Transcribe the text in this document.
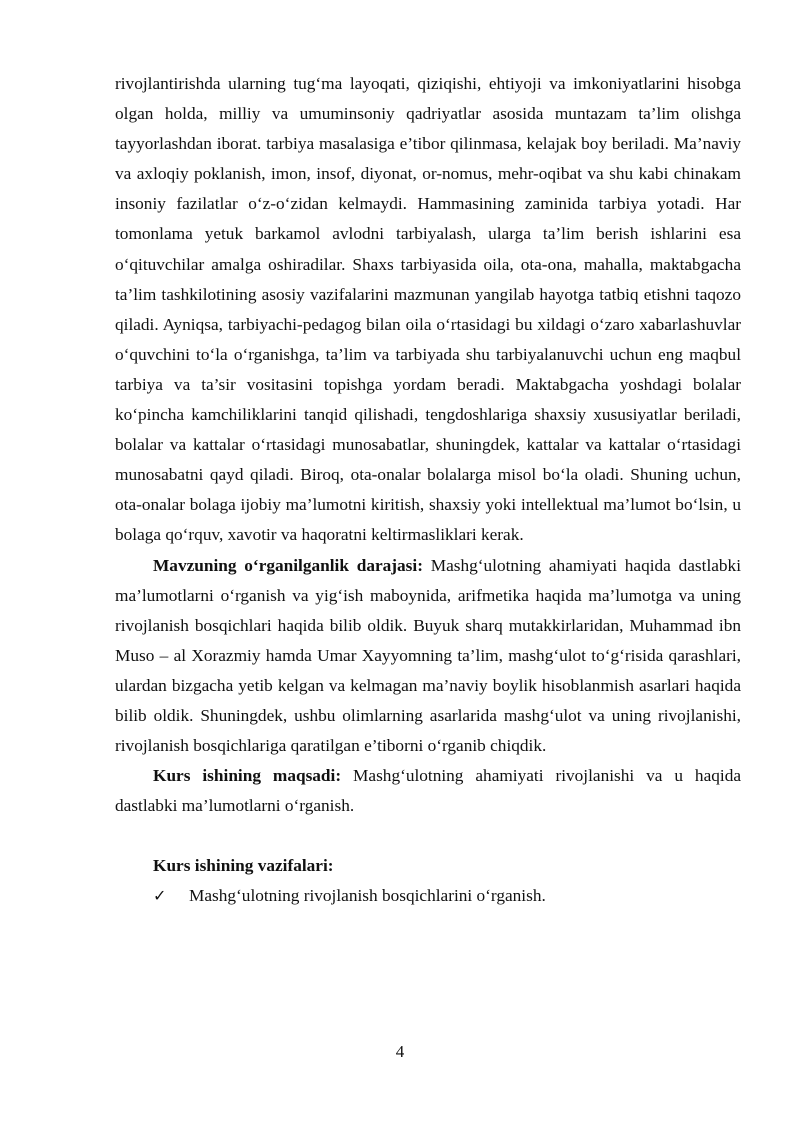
rivojlantirishda ularning tug‘ma layoqati, qiziqishi, ehtiyoji va imkoniyatlarini hisobga olgan holda, milliy va umuminsoniy qadriyatlar asosida muntazam ta’lim olishga tayyorlashdan iborat. tarbiya masalasiga e’tibor qilinmasa, kelajak boy beriladi. Ma’naviy va axloqiy poklanish, imon, insof, diyonat, or-nomus, mehr-oqibat va shu kabi chinakam insoniy fazilatlar o‘z-o‘zidan kelmaydi. Hammasining zaminida tarbiya yotadi. Har tomonlama yetuk barkamol avlodni tarbiyalash, ularga ta’lim berish ishlarini esa o‘qituvchilar amalga oshiradilar. Shaxs tarbiyasida oila, ota-ona, mahalla, maktabgacha ta’lim tashkilotining asosiy vazifalarini mazmunan yangilab hayotga tatbiq etishni taqozo qiladi. Ayniqsa, tarbiyachi-pedagog bilan oila o‘rtasidagi bu xildagi o‘zaro xabarlashuvlar o‘quvchini to‘la o‘rganishga, ta’lim va tarbiyada shu tarbiyalanuvchi uchun eng maqbul tarbiya va ta’sir vositasini topishga yordam beradi. Maktabgacha yoshdagi bolalar ko‘pincha kamchiliklarini tanqid qilishadi, tengdoshlariga shaxsiy xususiyatlar beriladi, bolalar va kattalar o‘rtasidagi munosabatlar, shuningdek, kattalar va kattalar o‘rtasidagi munosabatni qayd qiladi. Biroq, ota-onalar bolalarga misol bo‘la oladi. Shuning uchun, ota-onalar bolaga ijobiy ma’lumotni kiritish, shaxsiy yoki intellektual ma’lumot bo‘lsin, u bolaga qo‘rquv, xavotir va haqoratni keltirmasliklari kerak.

Mavzuning o‘rganilganlik darajasi: Mashg‘ulotning ahamiyati haqida dastlabki ma’lumotlarni o‘rganish va yig‘ish maboynida, arifmetika haqida ma’lumotga va uning rivojlanish bosqichlari haqida bilib oldik. Buyuk sharq mutakkirlaridan, Muhammad ibn Muso – al Xorazmiy hamda Umar Xayyomning ta’lim, mashg‘ulot to‘g‘risida qarashlari, ulardan bizgacha yetib kelgan va kelmagan ma’naviy boylik hisoblanmish asarlari haqida bilib oldik. Shuningdek, ushbu olimlarning asarlarida mashg‘ulot va uning rivojlanishi, rivojlanish bosqichlariga qaratilgan e’tiborni o‘rganib chiqdik.

Kurs ishining maqsadi: Mashg‘ulotning ahamiyati rivojlanishi va u haqida dastlabki ma’lumotlarni o‘rganish.

Kurs ishining vazifalari:

✓	Mashg‘ulotning rivojlanish bosqichlarini o‘rganish.
4
